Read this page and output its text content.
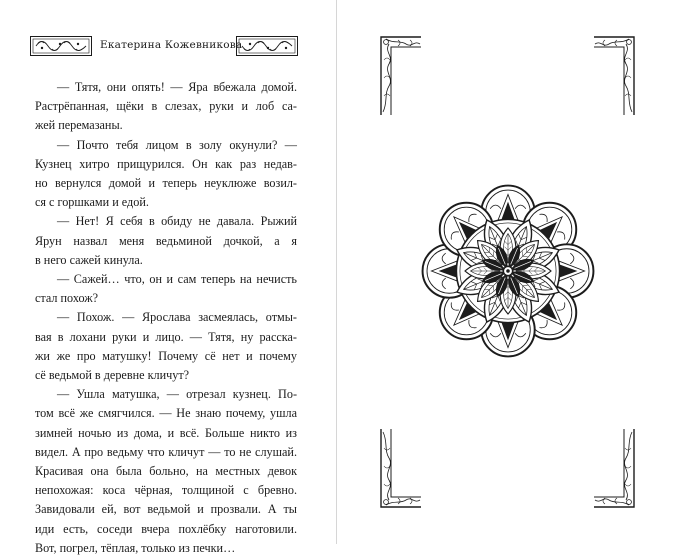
Екатерина Кожевникова
— Тятя, они опять! — Яра вбежала домой.
Растрёпанная, щёки в слезах, руки и лоб са-
жей перемазаны.
— Почто тебя лицом в золу окунули? —
Кузнец хитро прищурился. Он как раз недав-
но вернулся домой и теперь неуклюже возил-
ся с горшками и едой.
— Нет! Я себя в обиду не давала. Рыжий
Ярун назвал меня ведьминой дочкой, а я
в него сажей кинула.
— Сажей… что, он и сам теперь на нечисть
стал похож?
— Похож. — Ярослава засмеялась, отмы-
вая в лохани руки и лицо. — Тятя, ну расска-
жи же про матушку! Почему сё нет и почему
сё ведьмой в деревне кличут?
— Ушла матушка, — отрезал кузнец. По-
том всё же смягчился. — Не знаю почему, ушла
зимней ночью из дома, и всё. Больше никто из
видел. А про ведьму что кличут — то не слушай.
Красивая она была больно, на местных девок
непохожая: коса чёрная, толщиной с бревно.
Завидовали ей, вот ведьмой и прозвали. А ты
иди есть, соседи вчера похлёбку наготовили.
Вот, погрел, тёплая, только из печки…
